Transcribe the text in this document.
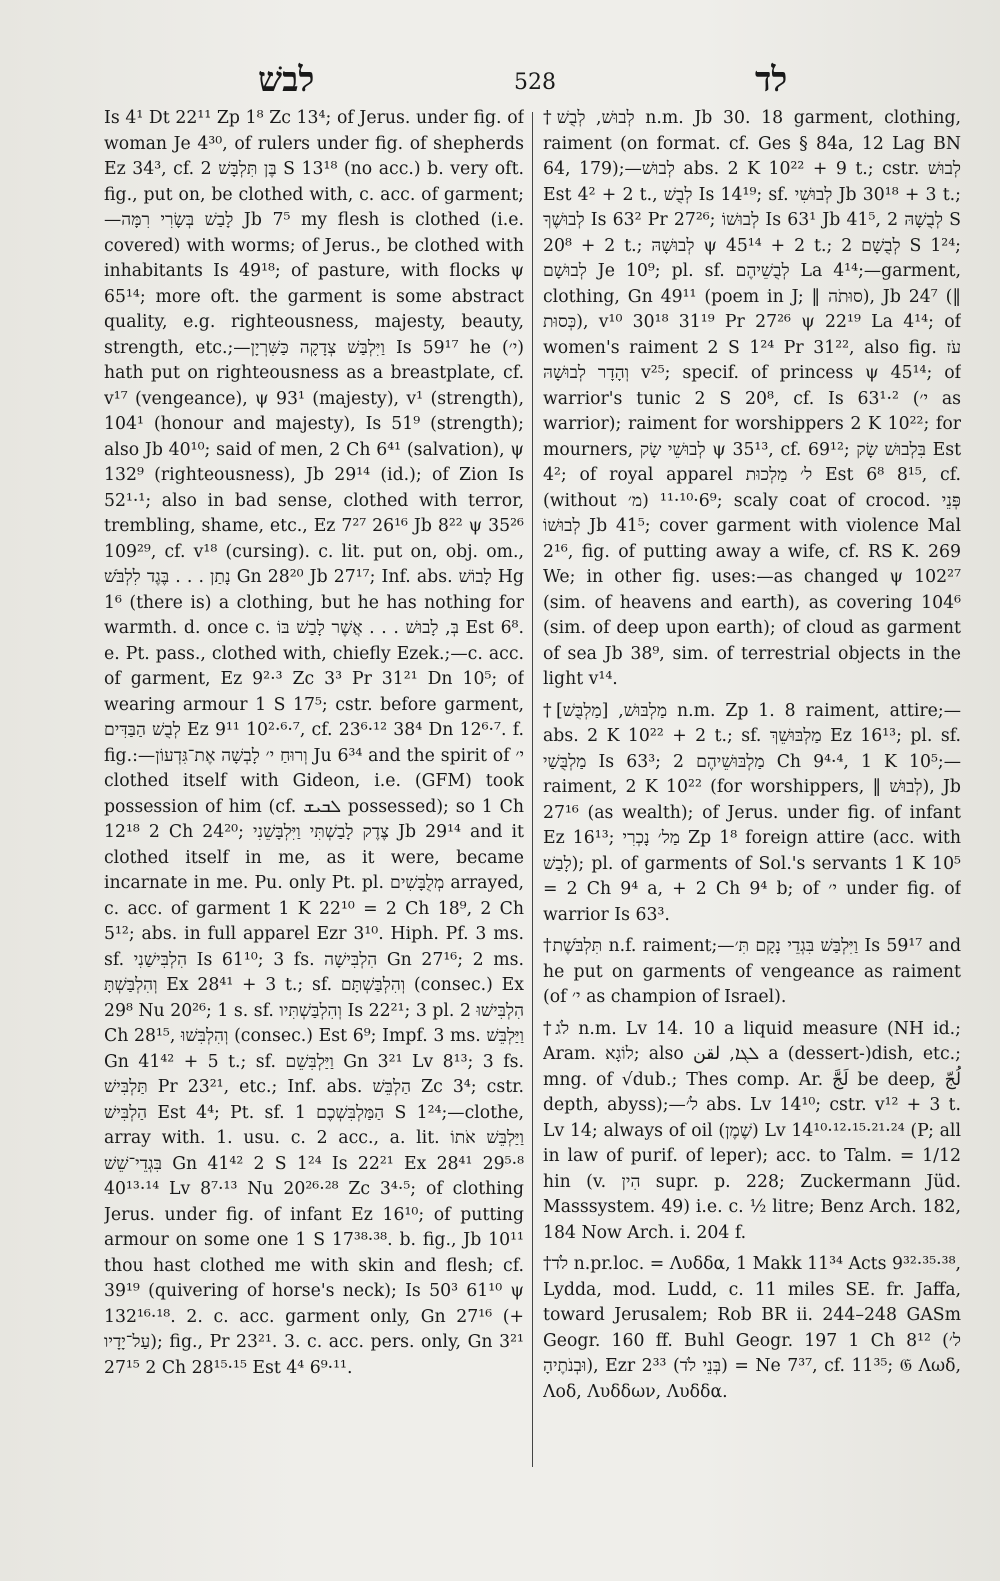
לבשׁ	528	לד

Is 4¹ Dt 22¹¹ Zp 1⁸ Zc 13⁴; of Jerus. under fig. of woman Je 4³⁰, of rulers under fig. of shepherds Ez 34³, cf. בֶּן תִּלְבָּשׁ 2 S 13¹⁸ (no acc.) b. very oft. fig., put on, be clothed with, c. acc. of garment;—לָבַשׁ בְּשָׂרִי רִמָּה Jb 7⁵ my flesh is clothed (i.e. covered) with worms; of Jerus., be clothed with inhabitants Is 49¹⁸; of pasture, with flocks ψ 65¹⁴; more oft. the garment is some abstract quality, e.g. righteousness, majesty, beauty, strength, etc.;—וַיִּלְבַּשׁ צְדָקָה כַּשִּׁרְיָן Is 59¹⁷ he (י׳) hath put on righteousness as a breastplate, cf. v¹⁷ (vengeance), ψ 93¹ (majesty), v¹ (strength), 104¹ (honour and majesty), Is 51⁹ (strength); also Jb 40¹⁰; said of men, 2 Ch 6⁴¹ (salvation), ψ 132⁹ (righteousness), Jb 29¹⁴ (id.); of Zion Is 52¹·¹; also in bad sense, clothed with terror, trembling, shame, etc., Ez 7²⁷ 26¹⁶ Jb 8²² ψ 35²⁶ 109²⁹, cf. v¹⁸ (cursing). c. lit. put on, obj. om., נָתַן . . . בֶּגֶד לִלְבֹּשׁ Gn 28²⁰ Jb 27¹⁷; Inf. abs. לָבוֹשׁ Hg 1⁶ (there is) a clothing, but he has nothing for warmth. d. once c. בְּ, לָבוּשׁ . . . אֲשֶׁר לָבַשׁ בּוֹ Est 6⁸. e. Pt. pass., clothed with, chiefly Ezek.;—c. acc. of garment, Ez 9²·³ Zc 3³ Pr 31²¹ Dn 10⁵; of wearing armour 1 S 17⁵; cstr. before garment, לְבֻשׁ הַבַּדִּים Ez 9¹¹ 10²·⁶·⁷, cf. 23⁶·¹² 38⁴ Dn 12⁶·⁷. f. fig.:—וְרוּחַ י׳ לָבְשָׁה אֶת־גִּדְעוֹן Ju 6³⁴ and the spirit of י׳ clothed itself with Gideon, i.e. (GFM) took possession of him (cf. ܠܒܝܫ possessed); so 1 Ch 12¹⁸ 2 Ch 24²⁰; צֶדֶק לָבַשְׁתִּי וַיִּלְבָּשֵׁנִי Jb 29¹⁴ and it clothed itself in me, as it were, became incarnate in me. Pu. only Pt. pl. מְלֻבָּשִׁים arrayed, c. acc. of garment 1 K 22¹⁰ = 2 Ch 18⁹, 2 Ch 5¹²; abs. in full apparel Ezr 3¹⁰. Hiph. Pf. 3 ms. sf. הִלְבִּישַׁנִי Is 61¹⁰; 3 fs. הִלְבִּישָׁה Gn 27¹⁶; 2 ms. וְהִלְבַּשְׁתָּ Ex 28⁴¹ + 3 t.; sf. וְהִלְבַּשְׁתָּם (consec.) Ex 29⁸ Nu 20²⁶; 1 s. sf. וְהִלְבַּשְׁתִּיו Is 22²¹; 3 pl. הִלְבִּישׁוּ 2 Ch 28¹⁵, וְהִלְבִּשׁוּ (consec.) Est 6⁹; Impf. 3 ms. וַיַּלְבֵּשׁ Gn 41⁴² + 5 t.; sf. וַיַּלְבִּשֵׁם Gn 3²¹ Lv 8¹³; 3 fs. תַּלְבִּישׁ Pr 23²¹, etc.; Inf. abs. הַלְבֵּשׁ Zc 3⁴; cstr. הַלְבִּישׁ Est 4⁴; Pt. sf. הַמַּלְבִּשְׁכֶם 1 S 1²⁴;—clothe, array with. 1. usu. c. 2 acc., a. lit. וַיַּלְבֵּשׁ אֹתוֹ בִּגְדֵי־שֵׁשׁ Gn 41⁴² 2 S 1²⁴ Is 22²¹ Ex 28⁴¹ 29⁵·⁸ 40¹³·¹⁴ Lv 8⁷·¹³ Nu 20²⁶·²⁸ Zc 3⁴·⁵; of clothing Jerus. under fig. of infant Ez 16¹⁰; of putting armour on some one 1 S 17³⁸·³⁸. b. fig., Jb 10¹¹ thou hast clothed me with skin and flesh; cf. 39¹⁹ (quivering of horse's neck); Is 50³ 61¹⁰ ψ 132¹⁶·¹⁸. 2. c. acc. garment only, Gn 27¹⁶ (+ עַל־יָדָיו); fig., Pr 23²¹. 3. c. acc. pers. only, Gn 3²¹ 27¹⁵ 2 Ch 28¹⁵·¹⁵ Est 4⁴ 6⁹·¹¹.

†לְבוּשׁ, לְבֻשׁ n.m. Jb 30. 18 garment, clothing, raiment (on format. cf. Ges § 84a, 12 Lag BN 64, 179);—לְבוּשׁ abs. 2 K 10²² + 9 t.; cstr. לְבוּשׁ Est 4² + 2 t., לְבֻשׁ Is 14¹⁹; sf. לְבוּשִׁי Jb 30¹⁸ + 3 t.; לְבוּשֶׁךָ Is 63² Pr 27²⁶; לְבוּשׁוֹ Is 63¹ Jb 41⁵, לְבֻשָׁהּ 2 S 20⁸ + 2 t.; לְבוּשָׁהּ ψ 45¹⁴ + 2 t.; לְבֻשָׁם 2 S 1²⁴; לְבוּשָׁם Je 10⁹; pl. sf. לְבֻשֵׁיהֶם La 4¹⁴;—garment, clothing, Gn 49¹¹ (poem in J; ‖ סוּתֹה), Jb 24⁷ (‖ כְּסוּת), v¹⁰ 30¹⁸ 31¹⁹ Pr 27²⁶ ψ 22¹⁹ La 4¹⁴; of women's raiment 2 S 1²⁴ Pr 31²², also fig. עֹז וְהָדָר לְבוּשָׁהּ v²⁵; specif. of princess ψ 45¹⁴; of warrior's tunic 2 S 20⁸, cf. Is 63¹·² (י׳ as warrior); raiment for worshippers 2 K 10²²; for mourners, לְבוּשֵׁי שָׂק ψ 35¹³, cf. 69¹²; בִּלְבוּשׁ שָׂק Est 4²; of royal apparel ל׳ מַלְכוּת Est 6⁸ 8¹⁵, cf. (without מ׳) 6⁹·¹⁰·¹¹; scaly coat of crocod. פְּנֵי לְבוּשׁוֹ Jb 41⁵; cover garment with violence Mal 2¹⁶, fig. of putting away a wife, cf. RS K. 269 We; in other fig. uses:—as changed ψ 102²⁷ (sim. of heavens and earth), as covering 104⁶ (sim. of deep upon earth); of cloud as garment of sea Jb 38⁹, sim. of terrestrial objects in the light v¹⁴.

†מַלְבּוּשׁ, [מַלְבֻּשׁ] n.m. Zp 1. 8 raiment, attire;—abs. 2 K 10²² + 2 t.; sf. מַלְבּוּשֵׁךְ Ez 16¹³; pl. sf. מַלְבֻּשַׁי Is 63³; מַלְבּוּשֵׁיהֶם 2 Ch 9⁴·⁴, 1 K 10⁵;—raiment, 2 K 10²² (for worshippers, ‖ לְבוּשׁ), Jb 27¹⁶ (as wealth); of Jerus. under fig. of infant Ez 16¹³; מַל׳ נָכְרִי Zp 1⁸ foreign attire (acc. with לָבַשׁ); pl. of garments of Sol.'s servants 1 K 10⁵ = 2 Ch 9⁴ a, + 2 Ch 9⁴ b; of י׳ under fig. of warrior Is 63³.

†תִּלְבֹּשֶׁת n.f. raiment;—וַיִּלְבַּשׁ בִּגְדֵי נָקָם תִּ׳ Is 59¹⁷ and he put on garments of vengeance as raiment (of י׳ as champion of Israel).

†לֹג n.m. Lv 14. 10 a liquid measure (NH id.; Aram. לוֹגָא; also ܠܓܐ, لقن a (dessert-)dish, etc.; mng. of √dub.; Thes comp. Ar. لَجَّ be deep, لُجّ depth, abyss);—לֹ׳ abs. Lv 14¹⁰; cstr. v¹² + 3 t. Lv 14; always of oil (שֶׁמֶן) Lv 14¹⁰·¹²·¹⁵·²¹·²⁴ (P; all in law of purif. of leper); acc. to Talm. = 1/12 hin (v. הִין supr. p. 228; Zuckermann Jüd. Masssystem. 49) i.e. c. ½ litre; Benz Arch. 182, 184 Now Arch. i. 204 f.

†לֹד n.pr.loc. = Λυδδα, 1 Makk 11³⁴ Acts 9³²·³⁵·³⁸, Lydda, mod. Ludd, c. 11 miles SE. fr. Jaffa, toward Jerusalem; Rob BR ii. 244–248 GASm Geogr. 160 ff. Buhl Geogr. 197 1 Ch 8¹² (ל׳ וּבְנֹתֶיהָ), Ezr 2³³ (בְּנֵי לֹד) = Ne 7³⁷, cf. 11³⁵; 𝔊 Λωδ, Λοδ, Λυδδων, Λυδδα.
